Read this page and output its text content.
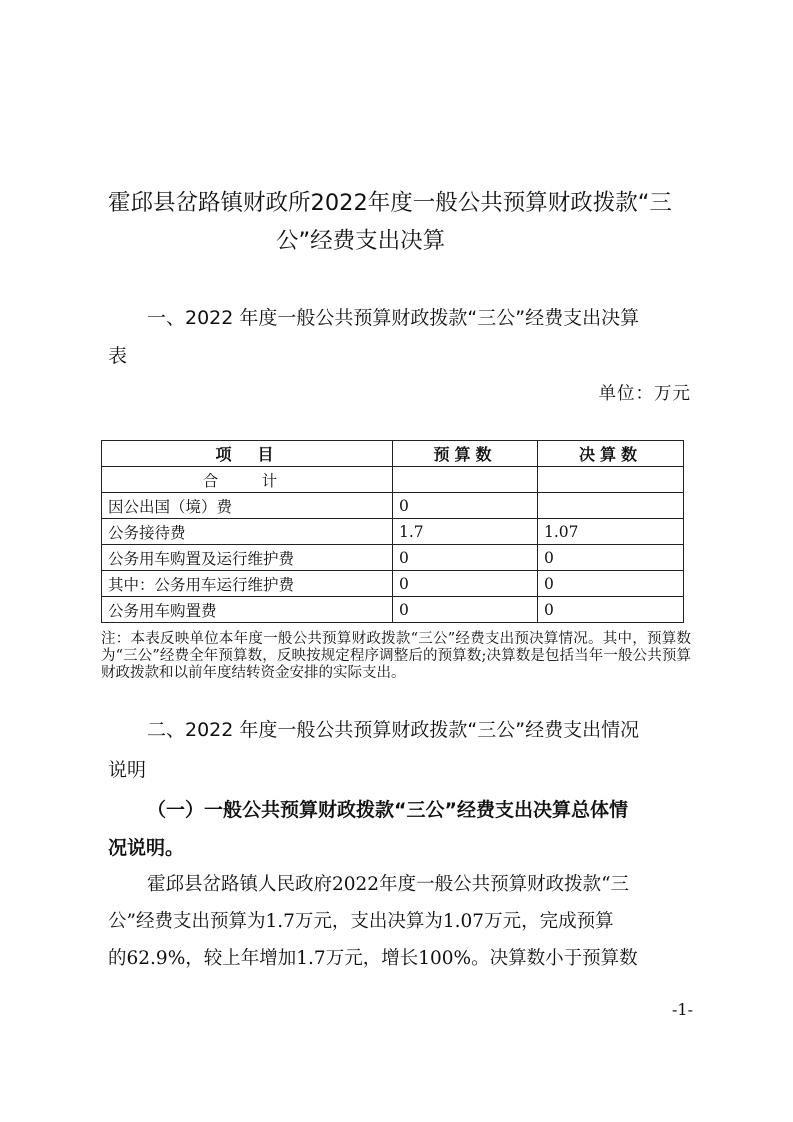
霍邱县岔路镇财政所2022年度一般公共预算财政拨款“三
公”经费支出决算

一、2022 年度一般公共预算财政拨款“三公”经费支出决算

表

单位：万元

项　目	预算数	决算数
合　计		
因公出国（境）费	0	
公务接待费	1.7	1.07
公务用车购置及运行维护费	0	0
其中：公务用车运行维护费	0	0
公务用车购置费	0	0

注：本表反映单位本年度一般公共预算财政拨款“三公”经费支出预决算情况。其中，预算数为“三公”经费全年预算数，反映按规定程序调整后的预算数;决算数是包括当年一般公共预算财政拨款和以前年度结转资金安排的实际支出。

二、2022 年度一般公共预算财政拨款“三公”经费支出情况

说明

（一）一般公共预算财政拨款“三公”经费支出决算总体情

况说明。

霍邱县岔路镇人民政府2022年度一般公共预算财政拨款“三

公”经费支出预算为1.7万元，支出决算为1.07万元，完成预算

的62.9%，较上年增加1.7万元，增长100%。决算数小于预算数

-1-
